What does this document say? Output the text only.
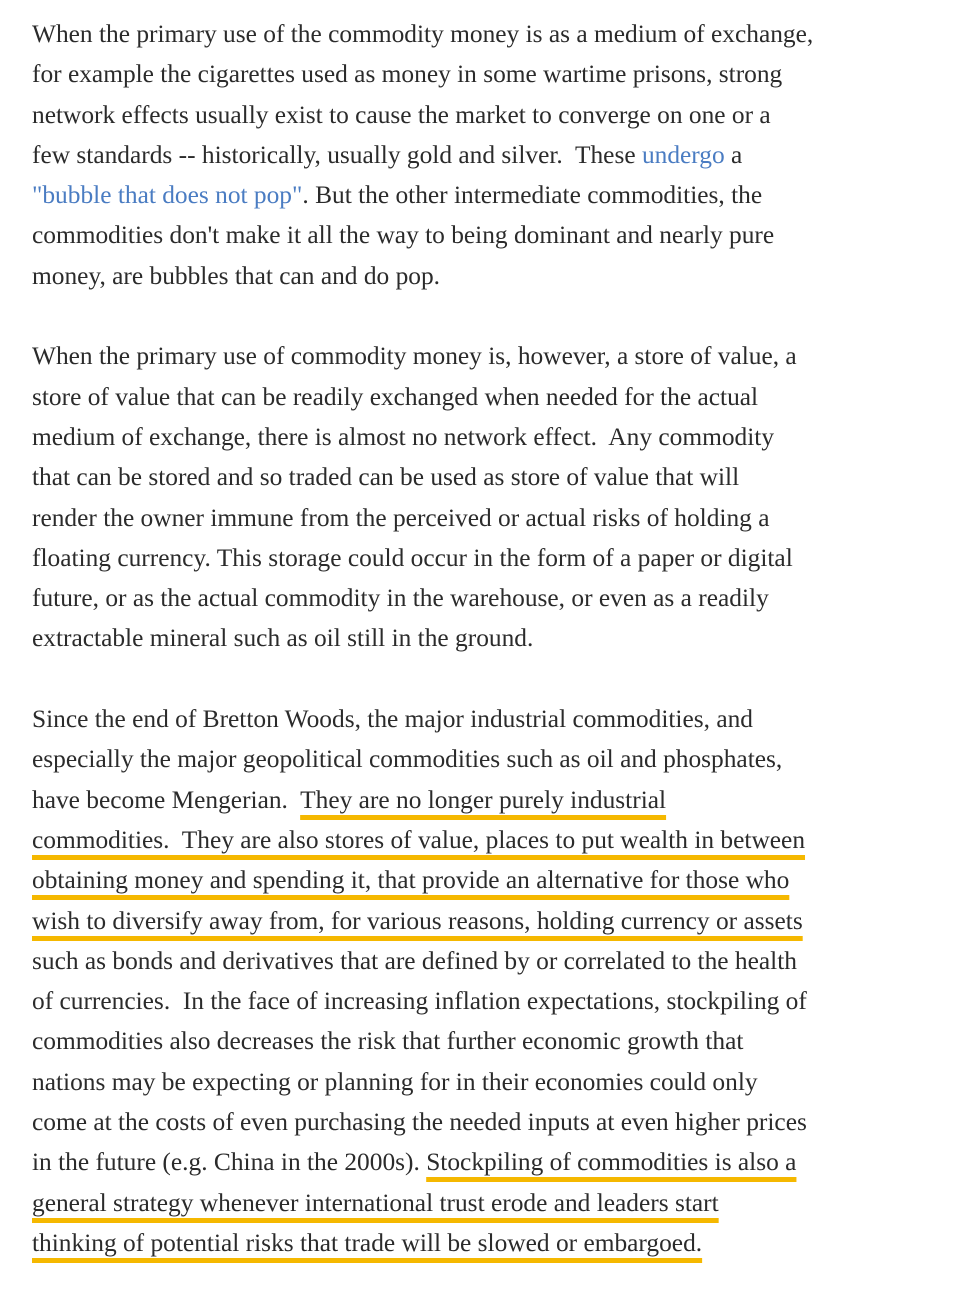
When the primary use of the commodity money is as a medium of exchange,
for example the cigarettes used as money in some wartime prisons, strong
network effects usually exist to cause the market to converge on one or a
few standards -- historically, usually gold and silver.  These undergo a
"bubble that does not pop". But the other intermediate commodities, the
commodities don't make it all the way to being dominant and nearly pure
money, are bubbles that can and do pop.
When the primary use of commodity money is, however, a store of value, a
store of value that can be readily exchanged when needed for the actual
medium of exchange, there is almost no network effect.  Any commodity
that can be stored and so traded can be used as store of value that will
render the owner immune from the perceived or actual risks of holding a
floating currency. This storage could occur in the form of a paper or digital
future, or as the actual commodity in the warehouse, or even as a readily
extractable mineral such as oil still in the ground.
Since the end of Bretton Woods, the major industrial commodities, and
especially the major geopolitical commodities such as oil and phosphates,
have become Mengerian.  They are no longer purely industrial
commodities.  They are also stores of value, places to put wealth in between
obtaining money and spending it, that provide an alternative for those who
wish to diversify away from, for various reasons, holding currency or assets
such as bonds and derivatives that are defined by or correlated to the health
of currencies.  In the face of increasing inflation expectations, stockpiling of
commodities also decreases the risk that further economic growth that
nations may be expecting or planning for in their economies could only
come at the costs of even purchasing the needed inputs at even higher prices
in the future (e.g. China in the 2000s). Stockpiling of commodities is also a
general strategy whenever international trust erode and leaders start
thinking of potential risks that trade will be slowed or embargoed.
